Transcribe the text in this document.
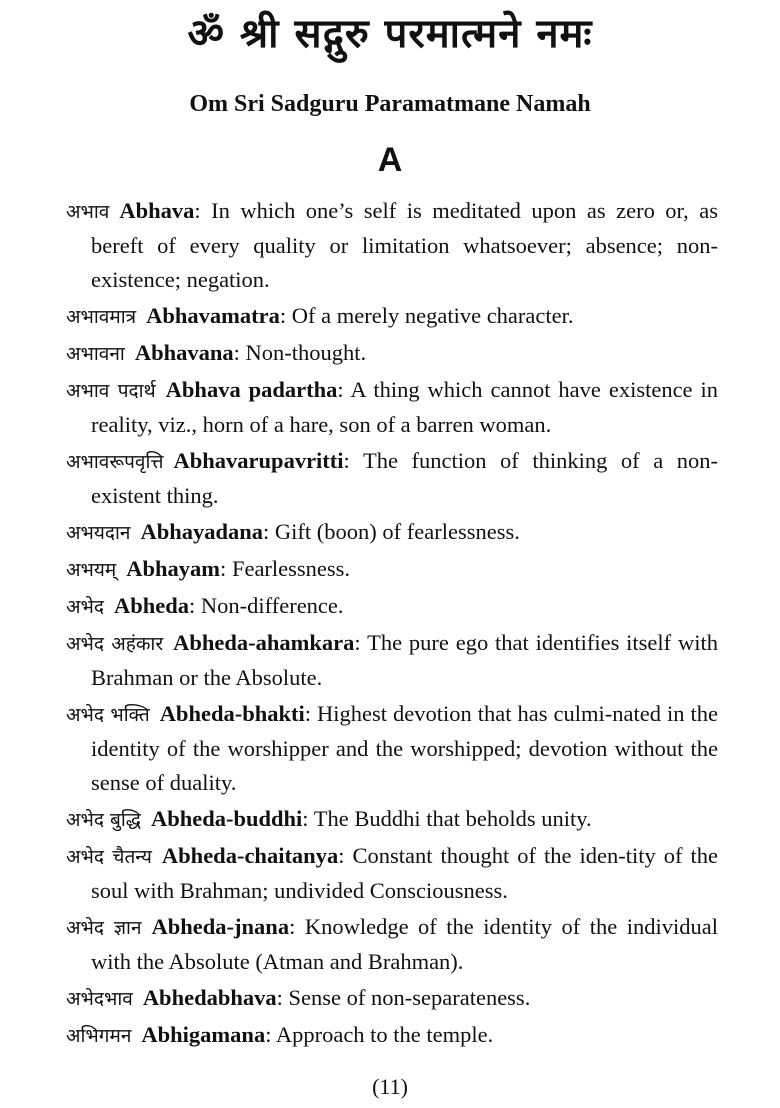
ॐ श्री सद्गुरु परमात्मने नमः
Om Sri Sadguru Paramatmane Namah
A

अभाव Abhava: In which one’s self is meditated upon as zero or, as bereft of every quality or limitation whatsoever; absence; non-existence; negation.

अभावमात्र Abhavamatra: Of a merely negative character.

अभावना Abhavana: Non-thought.

अभाव पदार्थ Abhava padartha: A thing which cannot have existence in reality, viz., horn of a hare, son of a barren woman.

अभावरूपवृत्ति Abhavarupavritti: The function of thinking of a non-existent thing.

अभयदान Abhayadana: Gift (boon) of fearlessness.

अभयम् Abhayam: Fearlessness.

अभेद Abheda: Non-difference.

अभेद अहंकार Abheda-ahamkara: The pure ego that identifies itself with Brahman or the Absolute.

अभेद भक्ति Abheda-bhakti: Highest devotion that has culmi-nated in the identity of the worshipper and the worshipped; devotion without the sense of duality.

अभेद बुद्धि Abheda-buddhi: The Buddhi that beholds unity.

अभेद चैतन्य Abheda-chaitanya: Constant thought of the iden-tity of the soul with Brahman; undivided Consciousness.

अभेद ज्ञान Abheda-jnana: Knowledge of the identity of the individual with the Absolute (Atman and Brahman).

अभेदभाव Abhedabhava: Sense of non-separateness.

अभिगमन Abhigamana: Approach to the temple.

(11)
